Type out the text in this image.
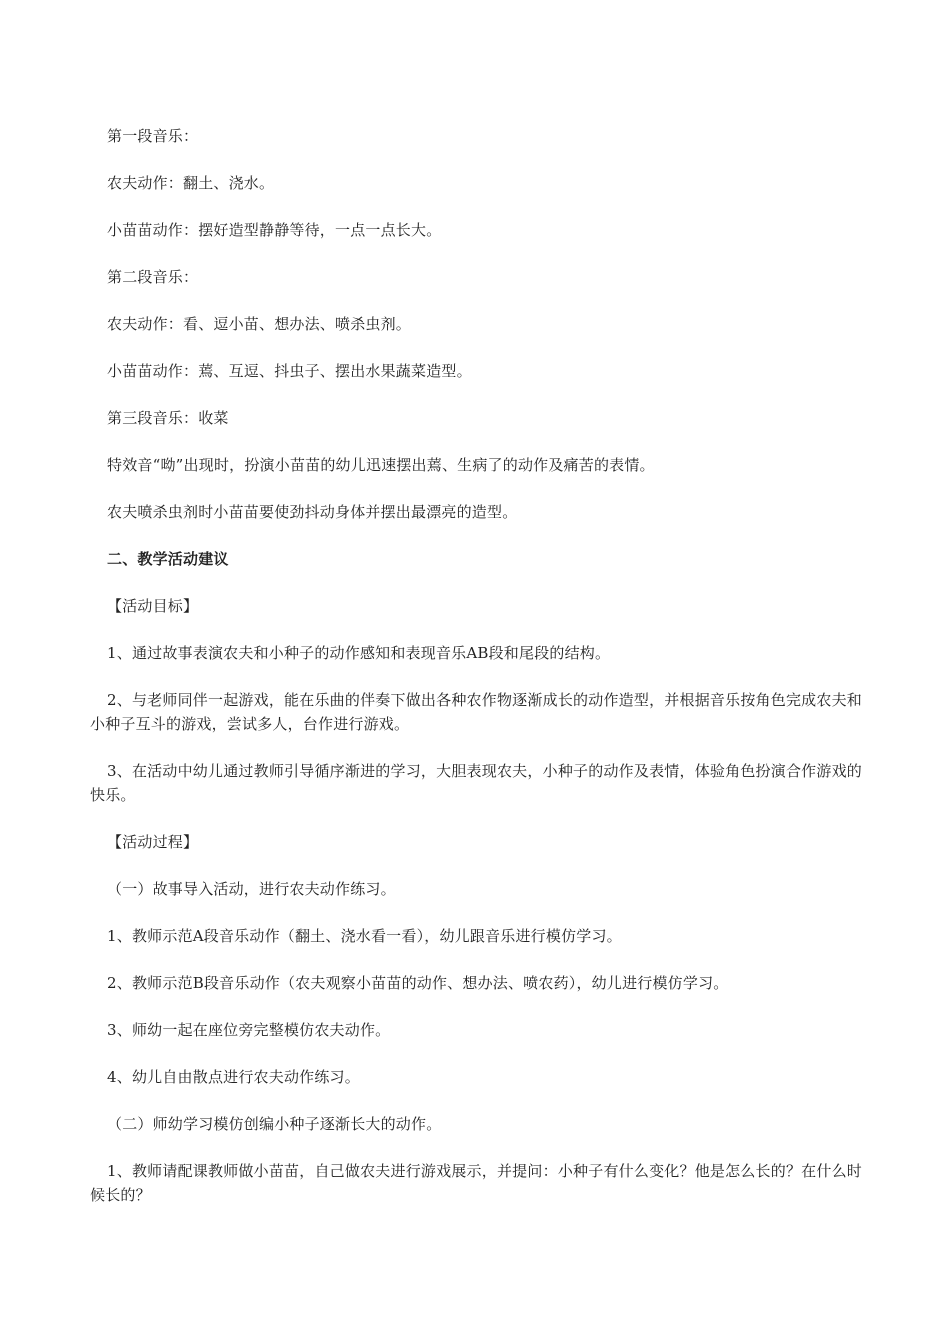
第一段音乐：

农夫动作：翻土、浇水。

小苗苗动作：摆好造型静静等待，一点一点长大。

第二段音乐：

农夫动作：看、逗小苗、想办法、喷杀虫剂。

小苗苗动作：蔫、互逗、抖虫子、摆出水果蔬菜造型。

第三段音乐：收菜

特效音“呦”出现时，扮演小苗苗的幼儿迅速摆出蔫、生病了的动作及痛苦的表情。

农夫喷杀虫剂时小苗苗要使劲抖动身体并摆出最漂亮的造型。

二、教学活动建议

【活动目标】

1、通过故事表演农夫和小种子的动作感知和表现音乐AB段和尾段的结构。

2、与老师同伴一起游戏，能在乐曲的伴奏下做出各种农作物逐渐成长的动作造型，并根据音乐按角色完成农夫和小种子互斗的游戏，尝试多人，台作进行游戏。

3、在活动中幼儿通过教师引导循序渐进的学习，大胆表现农夫，小种子的动作及表情，体验角色扮演合作游戏的快乐。

【活动过程】

（一）故事导入活动，进行农夫动作练习。

1、教师示范A段音乐动作（翻土、浇水看一看），幼儿跟音乐进行模仿学习。

2、教师示范B段音乐动作（农夫观察小苗苗的动作、想办法、喷农药），幼儿进行模仿学习。

3、师幼一起在座位旁完整模仿农夫动作。

4、幼儿自由散点进行农夫动作练习。

（二）师幼学习模仿创编小种子逐渐长大的动作。

1、教师请配课教师做小苗苗，自己做农夫进行游戏展示，并提问：小种子有什么变化？他是怎么长的？在什么时候长的？
